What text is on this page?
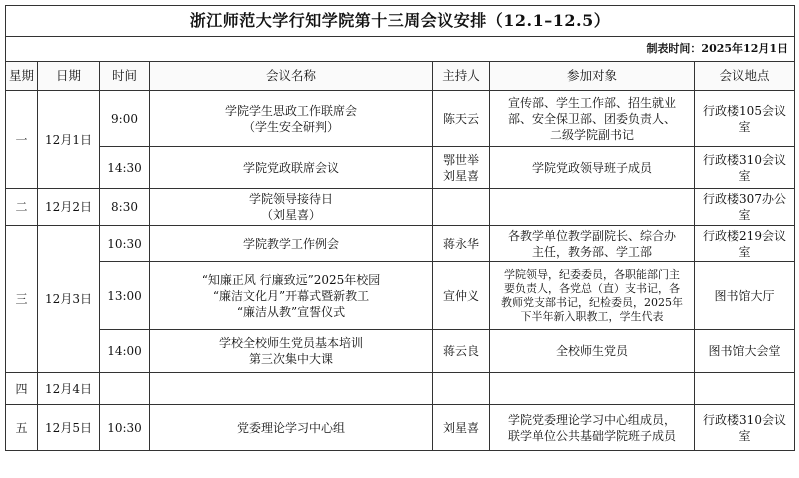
浙江师范大学行知学院第十三周会议安排（12.1–12.5）						
制表时间：2025年12月1日						
星期	日期	时间	会议名称	主持人	参加对象	会议地点
一	12月1日	9:00	学院学生思政工作联席会
（学生安全研判）	陈天云	宣传部、学生工作部、招生就业
部、安全保卫部、团委负责人、
二级学院副书记	行政楼105会议室
		14:30	学院党政联席会议	鄂世举
刘星喜	学院党政领导班子成员	行政楼310会议室
二	12月2日	8:30	学院领导接待日
（刘星喜）			行政楼307办公室
三	12月3日	10:30	学院教学工作例会	蒋永华	各教学单位教学副院长、综合办
主任，教务部、学工部	行政楼219会议室
		13:00	“知廉正风 行廉致远”2025年校园
“廉洁文化月”开幕式暨新教工
“廉洁从教”宣誓仪式	宣仲义	学院领导，纪委委员，各职能部门主
要负责人，各党总（直）支书记，各
教师党支部书记，纪检委员，2025年
下半年新入职教工，学生代表	图书馆大厅
		14:00	学校全校师生党员基本培训
第三次集中大课	蒋云良	全校师生党员	图书馆大会堂
四	12月4日					
五	12月5日	10:30	党委理论学习中心组	刘星喜	学院党委理论学习中心组成员，
联学单位公共基础学院班子成员	行政楼310会议室
